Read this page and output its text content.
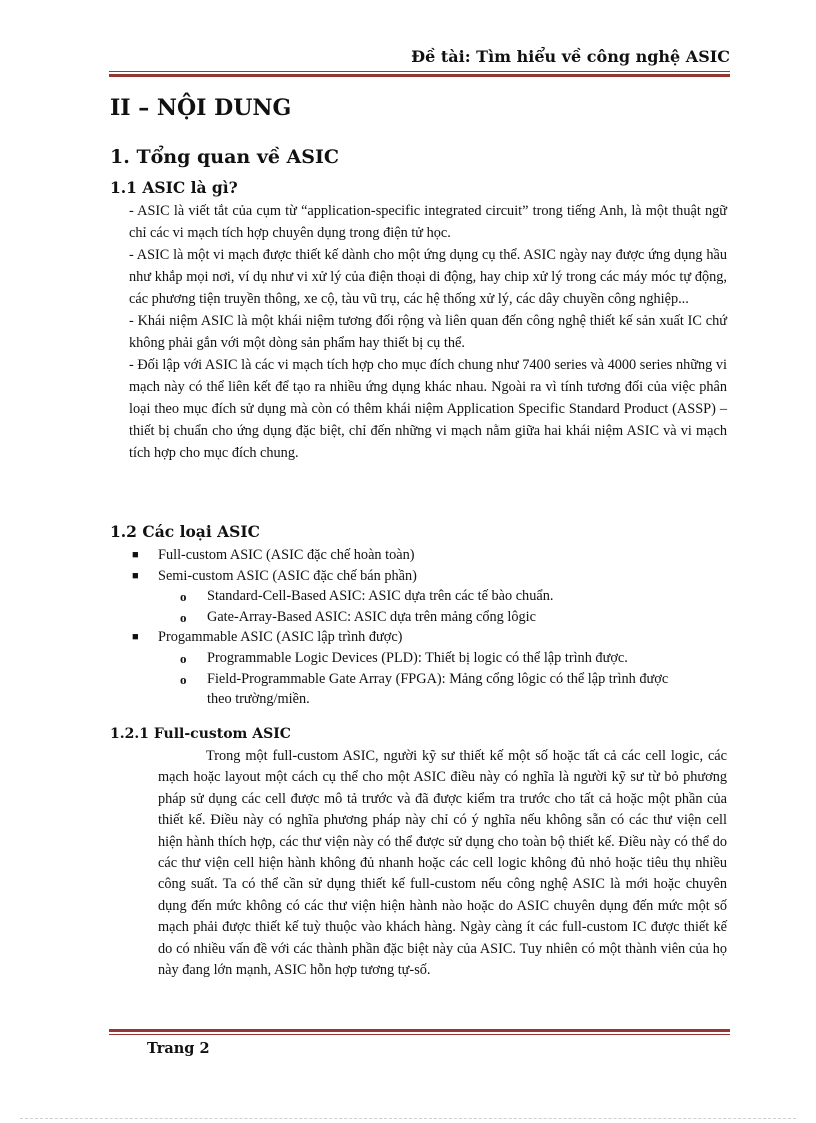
Đề tài: Tìm hiểu về công nghệ ASIC
II – NỘI DUNG
1. Tổng quan về ASIC
1.1 ASIC là gì?

- ASIC là viết tắt của cụm từ “application-specific integrated circuit” trong tiếng Anh, là một thuật ngữ chỉ các vi mạch tích hợp chuyên dụng trong điện tử học.

- ASIC là một vi mạch được thiết kế dành cho một ứng dụng cụ thể. ASIC ngày nay được ứng dụng hầu như khắp mọi nơi, ví dụ như vi xử lý của điện thoại di động, hay chip xử lý trong các máy móc tự động, các phương tiện truyền thông, xe cộ, tàu vũ trụ, các hệ thống xử lý, các dây chuyền công nghiệp...

- Khái niệm ASIC là một khái niệm tương đối rộng và liên quan đến công nghệ thiết kế sản xuất IC chứ không phải gắn với một dòng sản phẩm hay thiết bị cụ thể.

- Đối lập với ASIC là các vi mạch tích hợp cho mục đích chung như 7400 series và 4000 series những vi mạch này có thể liên kết để tạo ra nhiều ứng dụng khác nhau. Ngoài ra vì tính tương đối của việc phân loại theo mục đích sử dụng mà còn có thêm khái niệm Application Specific Standard Product (ASSP) – thiết bị chuẩn cho ứng dụng đặc biệt, chỉ đến những vi mạch nằm giữa hai khái niệm ASIC và vi mạch tích hợp cho mục đích chung.

1.2 Các loại ASIC
■ Full-custom ASIC (ASIC đặc chế hoàn toàn)
■ Semi-custom ASIC (ASIC đặc chế bán phần)
o Standard-Cell-Based ASIC: ASIC dựa trên các tế bào chuẩn.
o Gate-Array-Based ASIC: ASIC dựa trên mảng cổng lôgic
■ Progammable ASIC (ASIC lập trình được)
o Programmable Logic Devices (PLD): Thiết bị logic có thể lập trình được.
o Field-Programmable Gate Array (FPGA): Mảng cổng lôgic có thể lập trình được theo trường/miền.
1.2.1 Full-custom ASIC

Trong một full-custom ASIC, người kỹ sư thiết kế một số hoặc tất cả các cell logic, các mạch hoặc layout một cách cụ thể cho một ASIC điều này có nghĩa là người kỹ sư từ bỏ phương pháp sử dụng các cell được mô tả trước và đã được kiểm tra trước cho tất cả hoặc một phần của thiết kế. Điều này có nghĩa phương pháp này chỉ có ý nghĩa nếu không sẵn có các thư viện cell hiện hành thích hợp, các thư viện này có thể được sử dụng cho toàn bộ thiết kế. Điều này có thể do các thư viện cell hiện hành không đủ nhanh hoặc các cell logic không đủ nhỏ hoặc tiêu thụ nhiều công suất. Ta có thể cần sử dụng thiết kế full-custom nếu công nghệ ASIC là mới hoặc chuyên dụng đến mức không có các thư viện hiện hành nào hoặc do ASIC chuyên dụng đến mức một số mạch phải được thiết kế tuỳ thuộc vào khách hàng. Ngày càng ít các full-custom IC được thiết kế do có nhiều vấn đề với các thành phần đặc biệt này của ASIC. Tuy nhiên có một thành viên của họ này đang lớn mạnh, ASIC hỗn hợp tương tự-số.

Trang 2
